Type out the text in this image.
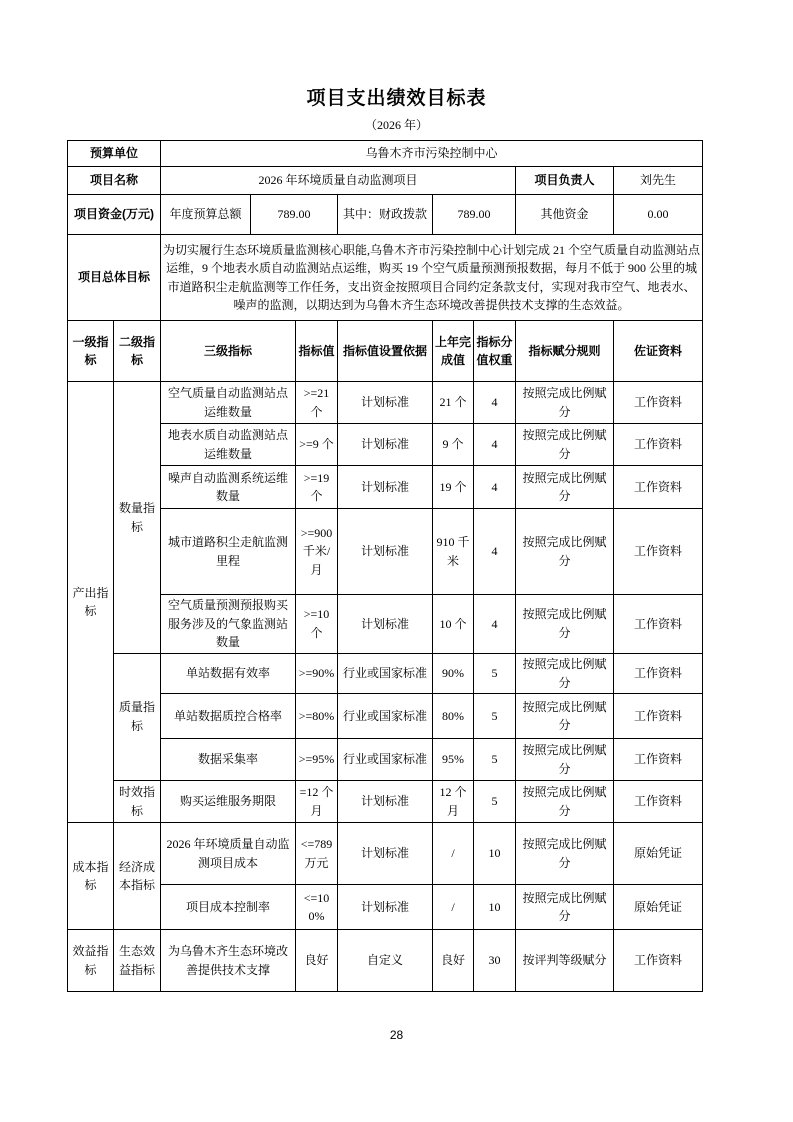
项目支出绩效目标表
（2026 年）
预算单位		乌鲁木齐市污染控制中心							
项目名称		2026 年环境质量自动监测项目						项目负责人	刘先生
项目资金(万元)		年度预算总额	789.00		其中：财政拨款	789.00		其他资金	0.00
项目总体目标		为切实履行生态环境质量监测核心职能,乌鲁木齐市污染控制中心计划完成 21 个空气质量自动监测站点运维，9 个地表水质自动监测站点运维，购买 19 个空气质量预测预报数据，每月不低于 900 公里的城市道路积尘走航监测等工作任务，支出资金按照项目合同约定条款支付，实现对我市空气、地表水、噪声的监测，以期达到为乌鲁木齐生态环境改善提供技术支撑的生态效益。							
一级指标	二级指标	三级指标		指标值	指标值设置依据	上年完成值	指标分值权重	指标赋分规则	佐证资料
产出指标	数量指标	空气质量自动监测站点运维数量		>=21 个	计划标准	21 个	4	按照完成比例赋分	工作资料
		地表水质自动监测站点运维数量		>=9 个	计划标准	9 个	4	按照完成比例赋分	工作资料
		噪声自动监测系统运维数量		>=19 个	计划标准	19 个	4	按照完成比例赋分	工作资料
		城市道路积尘走航监测里程		>=900 千米/月	计划标准	910 千米	4	按照完成比例赋分	工作资料
		空气质量预测预报购买服务涉及的气象监测站数量		>=10 个	计划标准	10 个	4	按照完成比例赋分	工作资料
	质量指标	单站数据有效率		>=90%	行业或国家标准	90%	5	按照完成比例赋分	工作资料
		单站数据质控合格率		>=80%	行业或国家标准	80%	5	按照完成比例赋分	工作资料
		数据采集率		>=95%	行业或国家标准	95%	5	按照完成比例赋分	工作资料
	时效指标	购买运维服务期限		=12 个月	计划标准	12 个月	5	按照完成比例赋分	工作资料
成本指标	经济成本指标	2026 年环境质量自动监测项目成本		<=789 万元	计划标准	/	10	按照完成比例赋分	原始凭证
		项目成本控制率		<=100%	计划标准	/	10	按照完成比例赋分	原始凭证
效益指标	生态效益指标	为乌鲁木齐生态环境改善提供技术支撑		良好	自定义	良好	30	按评判等级赋分	工作资料
28
